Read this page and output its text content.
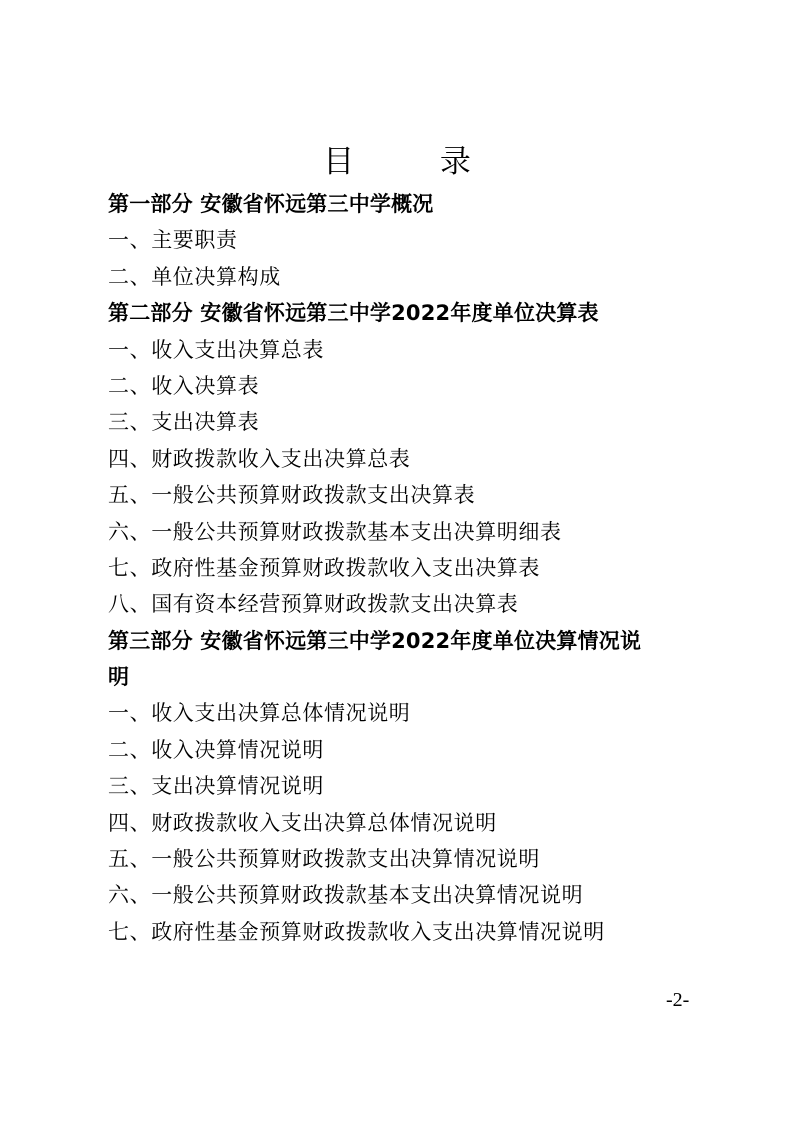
目 录
第一部分 安徽省怀远第三中学概况
一、主要职责
二、单位决算构成
第二部分 安徽省怀远第三中学2022年度单位决算表
一、收入支出决算总表
二、收入决算表
三、支出决算表
四、财政拨款收入支出决算总表
五、一般公共预算财政拨款支出决算表
六、一般公共预算财政拨款基本支出决算明细表
七、政府性基金预算财政拨款收入支出决算表
八、国有资本经营预算财政拨款支出决算表
第三部分 安徽省怀远第三中学2022年度单位决算情况说
明
一、收入支出决算总体情况说明
二、收入决算情况说明
三、支出决算情况说明
四、财政拨款收入支出决算总体情况说明
五、一般公共预算财政拨款支出决算情况说明
六、一般公共预算财政拨款基本支出决算情况说明
七、政府性基金预算财政拨款收入支出决算情况说明
-2-
